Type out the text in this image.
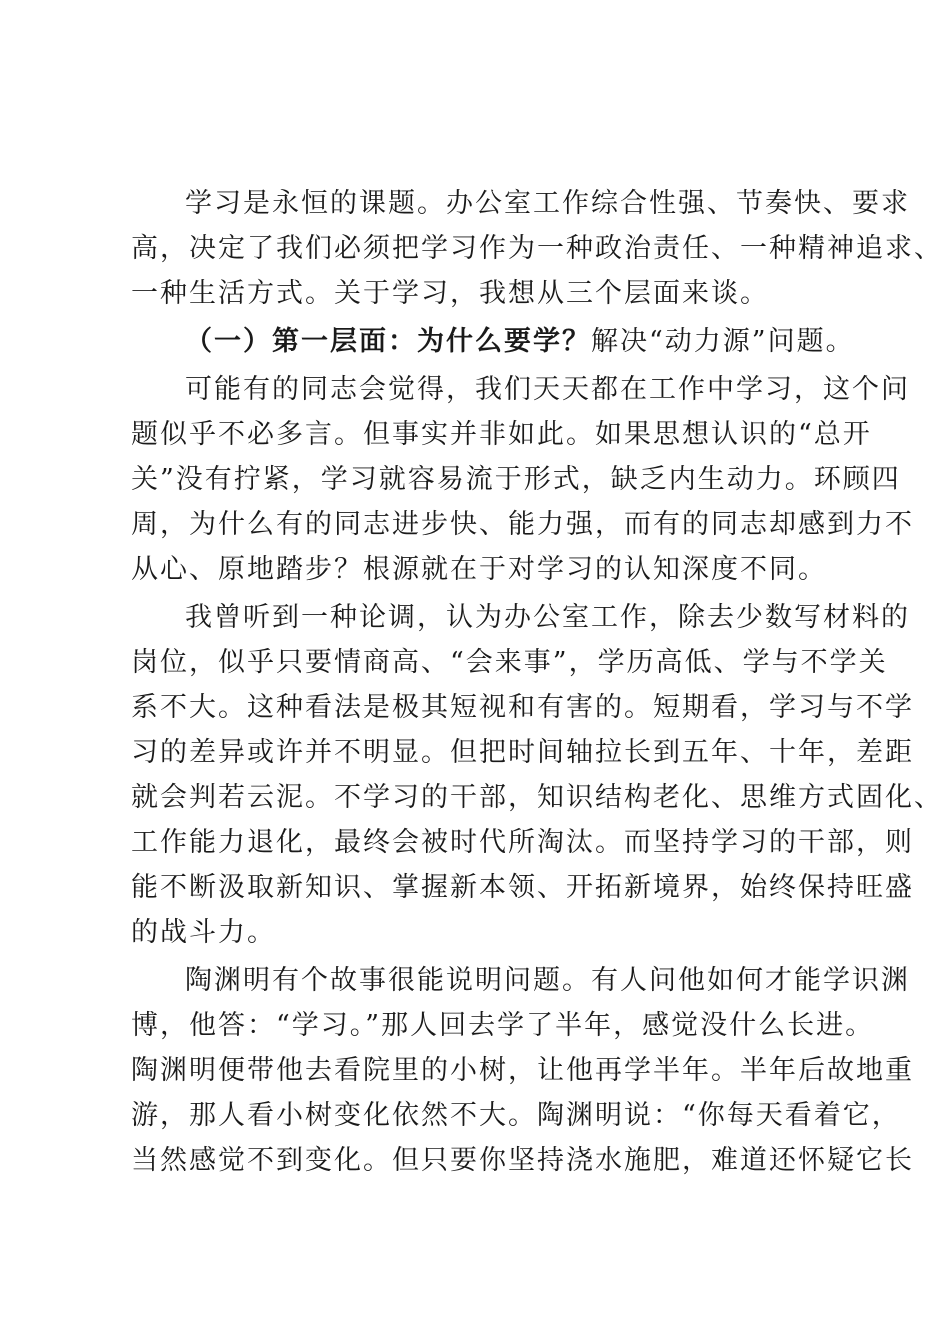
学习是永恒的课题。办公室工作综合性强、节奏快、要求
高，决定了我们必须把学习作为一种政治责任、一种精神追求、
一种生活方式。关于学习，我想从三个层面来谈。
（一）第一层面：为什么要学？解决“动力源”问题。
可能有的同志会觉得，我们天天都在工作中学习，这个问
题似乎不必多言。但事实并非如此。如果思想认识的“总开
关”没有拧紧，学习就容易流于形式，缺乏内生动力。环顾四
周，为什么有的同志进步快、能力强，而有的同志却感到力不
从心、原地踏步？根源就在于对学习的认知深度不同。
我曾听到一种论调，认为办公室工作，除去少数写材料的
岗位，似乎只要情商高、“会来事”，学历高低、学与不学关
系不大。这种看法是极其短视和有害的。短期看，学习与不学
习的差异或许并不明显。但把时间轴拉长到五年、十年，差距
就会判若云泥。不学习的干部，知识结构老化、思维方式固化、
工作能力退化，最终会被时代所淘汰。而坚持学习的干部，则
能不断汲取新知识、掌握新本领、开拓新境界，始终保持旺盛
的战斗力。
陶渊明有个故事很能说明问题。有人问他如何才能学识渊
博，他答：“学习。”那人回去学了半年，感觉没什么长进。
陶渊明便带他去看院里的小树，让他再学半年。半年后故地重
游，那人看小树变化依然不大。陶渊明说：“你每天看着它，
当然感觉不到变化。但只要你坚持浇水施肥，难道还怀疑它长
